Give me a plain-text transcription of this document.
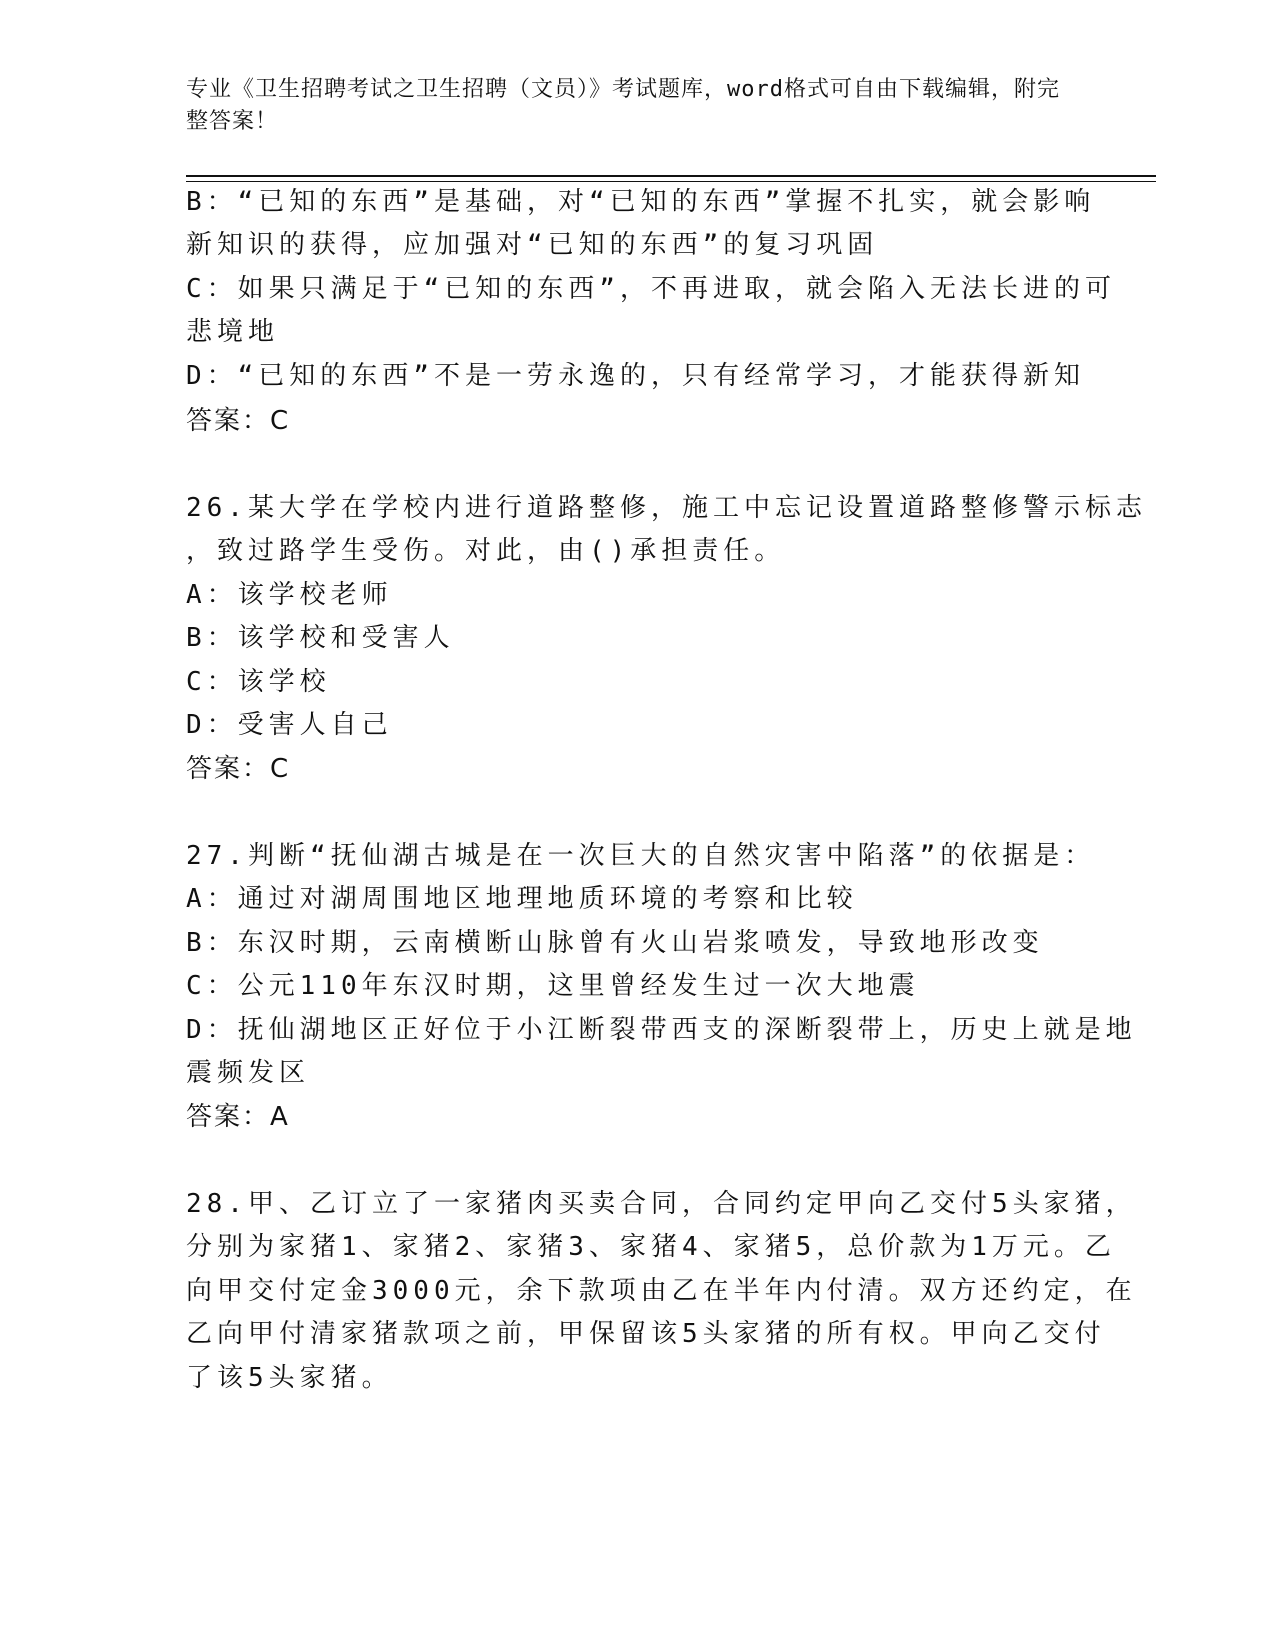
专业《卫生招聘考试之卫生招聘（文员）》考试题库，word格式可自由下载编辑，附完整答案！
B：“已知的东西”是基础，对“已知的东西”掌握不扎实，就会影响
新知识的获得，应加强对“已知的东西”的复习巩固
C：如果只满足于“已知的东西”，不再进取，就会陷入无法长进的可
悲境地
D：“已知的东西”不是一劳永逸的，只有经常学习，才能获得新知
答案：C
26.某大学在学校内进行道路整修，施工中忘记设置道路整修警示标志
，致过路学生受伤。对此，由()承担责任。
A：该学校老师
B：该学校和受害人
C：该学校
D：受害人自己
答案：C
27.判断“抚仙湖古城是在一次巨大的自然灾害中陷落”的依据是：
A：通过对湖周围地区地理地质环境的考察和比较
B：东汉时期，云南横断山脉曾有火山岩浆喷发，导致地形改变
C：公元110年东汉时期，这里曾经发生过一次大地震
D：抚仙湖地区正好位于小江断裂带西支的深断裂带上，历史上就是地
震频发区
答案：A
28.甲、乙订立了一家猪肉买卖合同，合同约定甲向乙交付5头家猪，
分别为家猪1、家猪2、家猪3、家猪4、家猪5，总价款为1万元。乙
向甲交付定金3000元，余下款项由乙在半年内付清。双方还约定，在
乙向甲付清家猪款项之前，甲保留该5头家猪的所有权。甲向乙交付
了该5头家猪。
